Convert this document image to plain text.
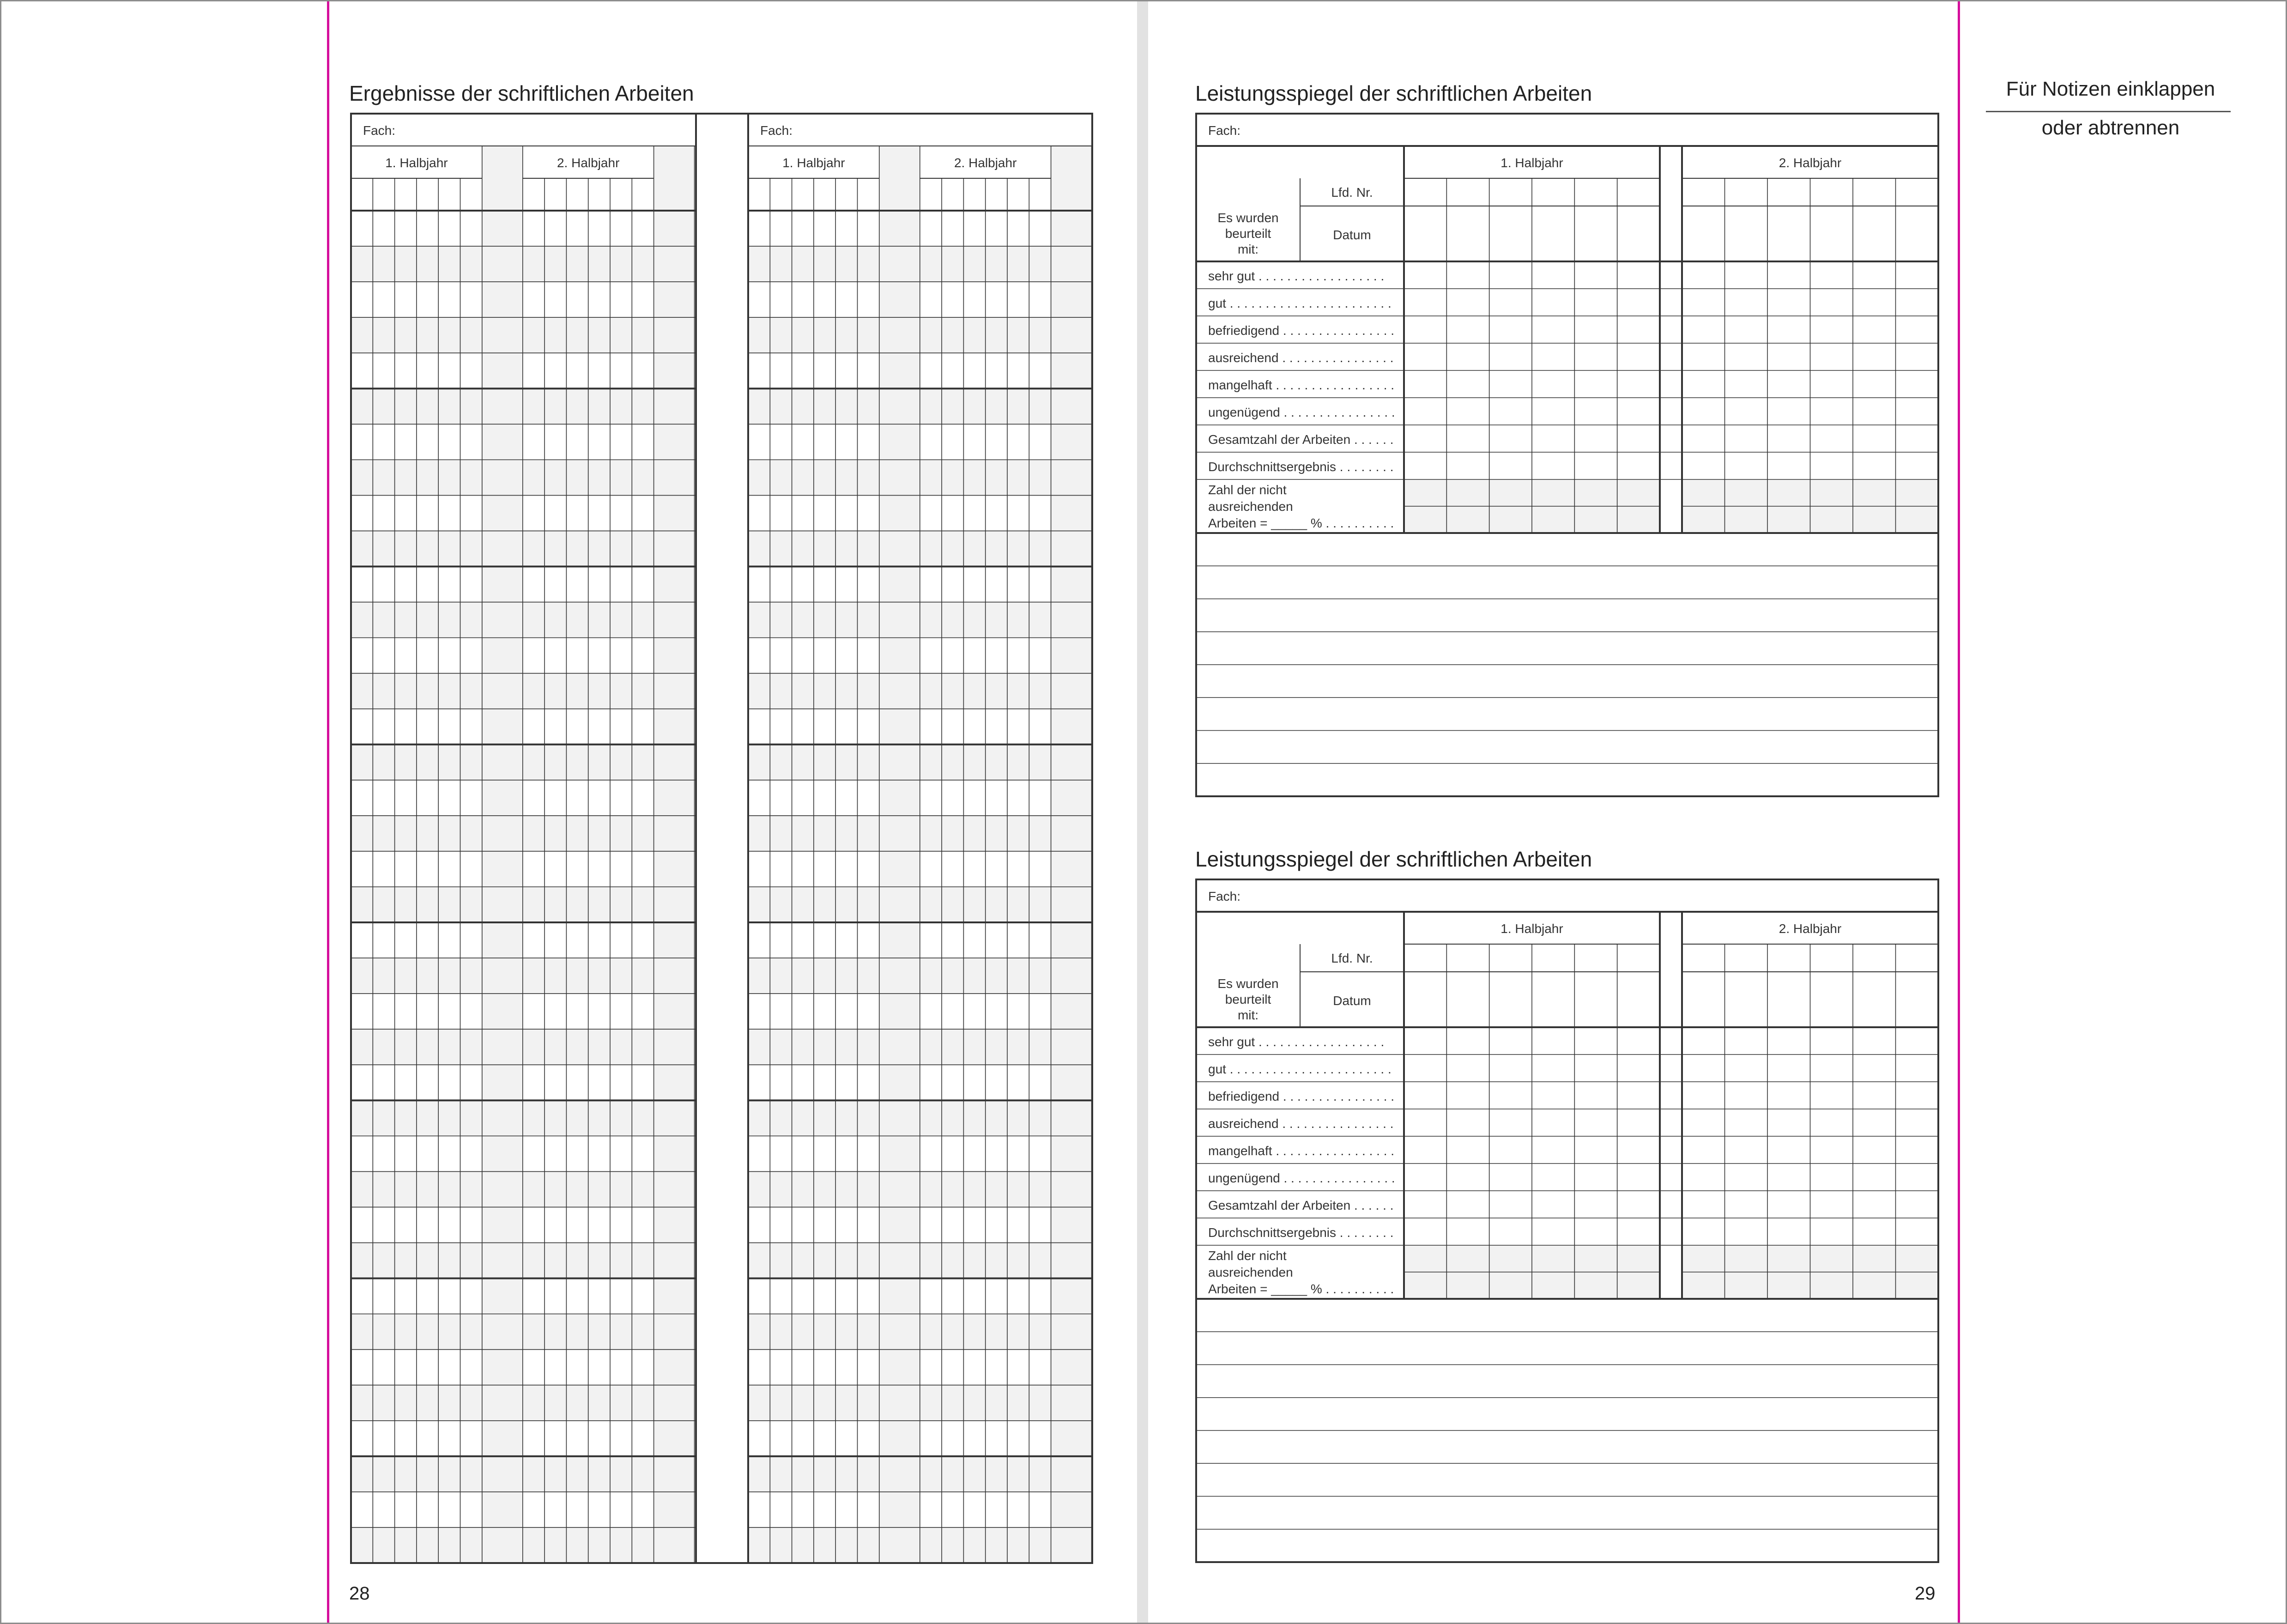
Ergebnisse der schriftlichen Arbeiten	Leistungsspiegel der schriftlichen Arbeiten
Leistungsspiegel der schriftlichen Arbeiten
28	29
Für Notizen einklappen
oder abtrennen
Fach:
1. Halbjahr	2. Halbjahr
Fach:
1. Halbjahr	2. Halbjahr
Fach:
1. Halbjahr	2. Halbjahr
Es wurden
beurteilt
mit:
Lfd. Nr.
Datum
sehr gut . . . . . . . . . . . . . . . . . .
gut . . . . . . . . . . . . . . . . . . . . . . .
befriedigend . . . . . . . . . . . . . . . .
ausreichend . . . . . . . . . . . . . . . .
mangelhaft . . . . . . . . . . . . . . . . .
ungenügend . . . . . . . . . . . . . . . .
Gesamtzahl der Arbeiten . . . . . .
Durchschnittsergebnis . . . . . . . .
Zahl der nicht
ausreichenden
Arbeiten = _____ % . . . . . . . . . .
Fach:
1. Halbjahr	2. Halbjahr
Es wurden
beurteilt
mit:
Lfd. Nr.
Datum
sehr gut . . . . . . . . . . . . . . . . . .
gut . . . . . . . . . . . . . . . . . . . . . . .
befriedigend . . . . . . . . . . . . . . . .
ausreichend . . . . . . . . . . . . . . . .
mangelhaft . . . . . . . . . . . . . . . . .
ungenügend . . . . . . . . . . . . . . . .
Gesamtzahl der Arbeiten . . . . . .
Durchschnittsergebnis . . . . . . . .
Zahl der nicht
ausreichenden
Arbeiten = _____ % . . . . . . . . . .
